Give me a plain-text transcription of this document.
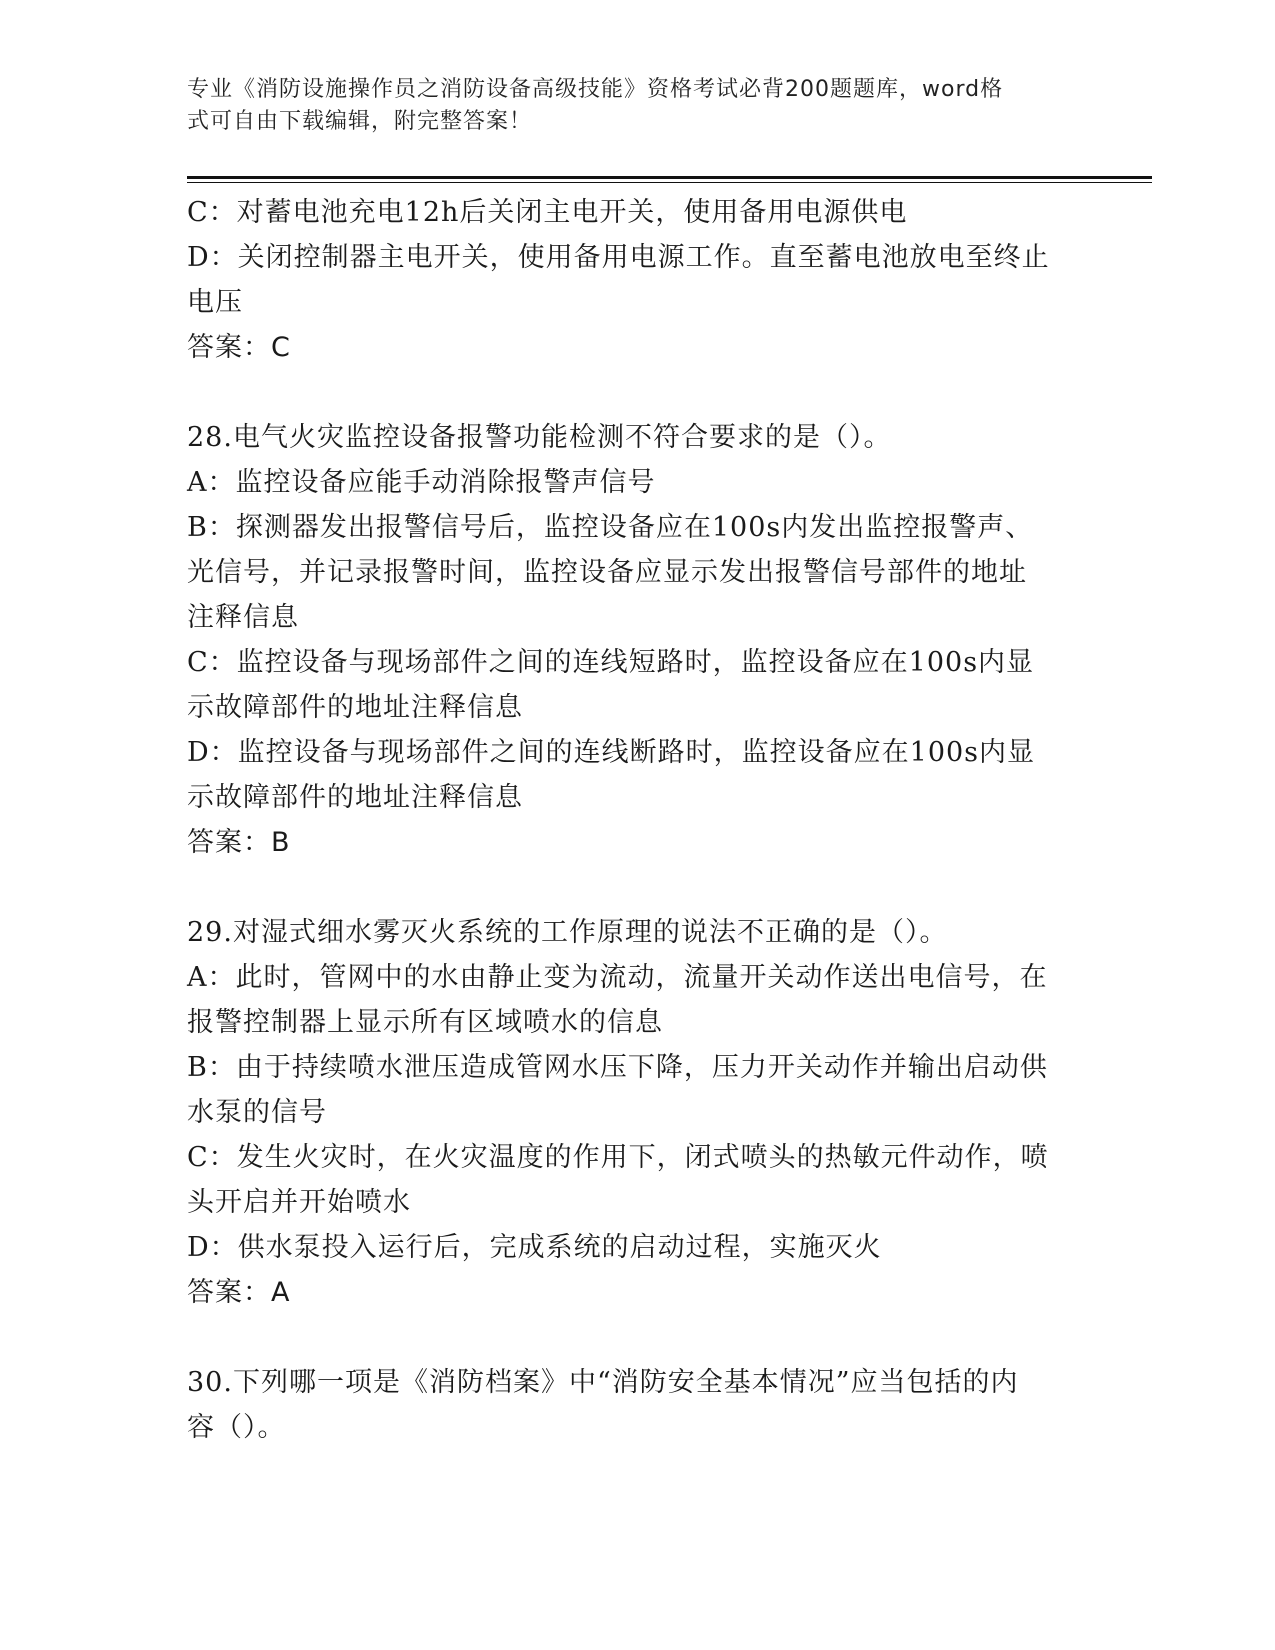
专业《消防设施操作员之消防设备高级技能》资格考试必背200题题库，word格
式可自由下载编辑，附完整答案！
C：对蓄电池充电12h后关闭主电开关，使用备用电源供电
D：关闭控制器主电开关，使用备用电源工作。直至蓄电池放电至终止
电压
答案：C
28.电气火灾监控设备报警功能检测不符合要求的是（）。
A：监控设备应能手动消除报警声信号
B：探测器发出报警信号后，监控设备应在100s内发出监控报警声、
光信号，并记录报警时间，监控设备应显示发出报警信号部件的地址
注释信息
C：监控设备与现场部件之间的连线短路时，监控设备应在100s内显
示故障部件的地址注释信息
D：监控设备与现场部件之间的连线断路时，监控设备应在100s内显
示故障部件的地址注释信息
答案：B
29.对湿式细水雾灭火系统的工作原理的说法不正确的是（）。
A：此时，管网中的水由静止变为流动，流量开关动作送出电信号，在
报警控制器上显示所有区域喷水的信息
B：由于持续喷水泄压造成管网水压下降，压力开关动作并输出启动供
水泵的信号
C：发生火灾时，在火灾温度的作用下，闭式喷头的热敏元件动作，喷
头开启并开始喷水
D：供水泵投入运行后，完成系统的启动过程，实施灭火
答案：A
30.下列哪一项是《消防档案》中“消防安全基本情况”应当包括的内
容（）。
